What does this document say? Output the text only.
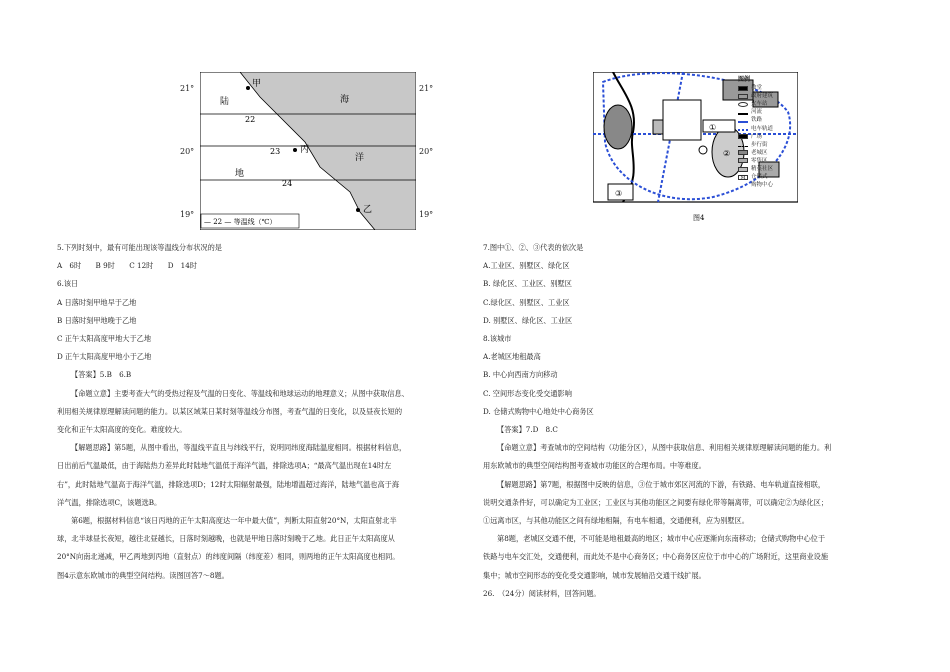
甲
丙
乙
陆
地
海
洋
22
23
24
— 22 — 等温线（℃）
21°	21°
20°	20°
19°	19°

5.下列时刻中，最有可能出现该等温线分布状况的是

A　6时　　B 9时　　C 12时　　D　14时

6.该日

A 日落时刻甲地早于乙地

B 日落时刻甲地晚于乙地

C 正午太阳高度甲地大于乙地

D 正午太阳高度甲地小于乙地

【答案】5.B　6.B

【命题立意】主要考查大气的受热过程及气温的日变化、等温线和地球运动的地理意义；从图中获取信息、

利用相关规律原理解读问题的能力。以某区域某日某时刻等温线分布图，考查气温的日变化，以及昼夜长短的

变化和正午太阳高度的变化。难度较大。

【解题思路】第5题，从图中看出，等温线平直且与纬线平行，说明同纬度海陆温度相同。根据材料信息，

日出前后气温最低，由于海陆热力差异此时陆地气温低于海洋气温，排除选项A；“最高气温出现在14时左

右”，此时陆地气温高于海洋气温，排除选项D；12时太阳辐射最强，陆地增温超过海洋，陆地气温也高于海

洋气温，排除选项C，该题选B。

第6题，根据材料信息“该日丙地的正午太阳高度达一年中最大值”，判断太阳直射20°N，太阳直射北半

球，北半球昼长夜短，越往北昼越长，日落时刻越晚，也就是甲地日落时刻晚于乙地。此日正午太阳高度从

20°N向南北递减，甲乙两地到丙地（直射点）的纬度间隔（纬度差）相同，则两地的正午太阳高度也相同。

图4示意东欧城市的典型空间结构。读图回答7～8题。

①
②
③
图4
图例
教堂
政府建筑
火车站
河流
铁路
电车轨道
广场
步行街
老城区
零售区
精英社区
M 仓储式
购物中心

7.图中①、②、③代表的依次是

A.工业区、别墅区、绿化区

B. 绿化区、工业区、别墅区

C.绿化区、别墅区、工业区

D. 别墅区、绿化区、工业区

8.该城市

A.老城区地租最高

B. 中心向西南方向移动

C. 空间形态变化受交通影响

D. 仓储式购物中心地处中心商务区

【答案】7.D　8.C

【命题立意】考查城市的空间结构（功能分区），从图中获取信息、利用相关规律原理解读问题的能力。利

用东欧城市的典型空间结构图考查城市功能区的合理布局。中等难度。

【解题思路】第7题，根据图中反映的信息，③位于城市郊区河流的下游，有铁路、电车轨道直接相联，

说明交通条件好，可以确定为工业区；工业区与其他功能区之间要有绿化带等隔离带，可以确定②为绿化区；

①远离市区，与其他功能区之间有绿地相隔，有电车相通，交通便利，应为别墅区。

第8题，老城区交通不便，不可能是地租最高的地区；城市中心应逐渐向东南移动；仓储式购物中心位于

铁路与电车交汇处，交通便利，而此处不是中心商务区；中心商务区应位于市中心的广场附近，这里商业设施

集中；城市空间形态的变化受交通影响，城市发展轴沿交通干线扩展。

26.　（24分）阅读材料，回答问题。
